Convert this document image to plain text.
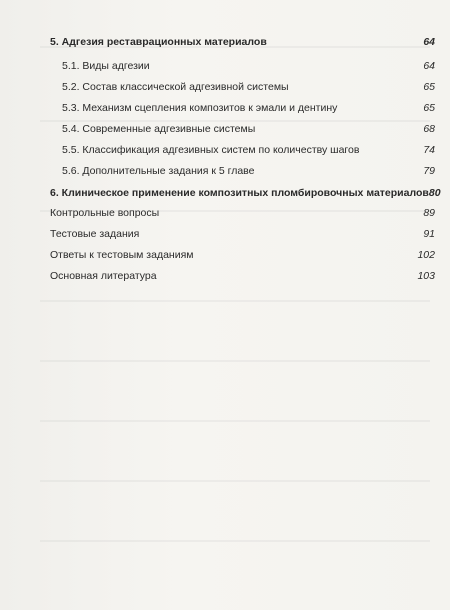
5. Адгезия реставрационных материалов	64
5.1. Виды адгезии	64
5.2. Состав классической адгезивной системы	65
5.3. Механизм сцепления композитов к эмали и дентину	65
5.4. Современные адгезивные системы	68
5.5. Классификация адгезивных систем по количеству шагов	74
5.6. Дополнительные задания к 5 главе	79
6. Клиническое применение композитных пломбировочных материалов 80
Контрольные вопросы	89
Тестовые задания	91
Ответы к тестовым заданиям	102
Основная литература	103
